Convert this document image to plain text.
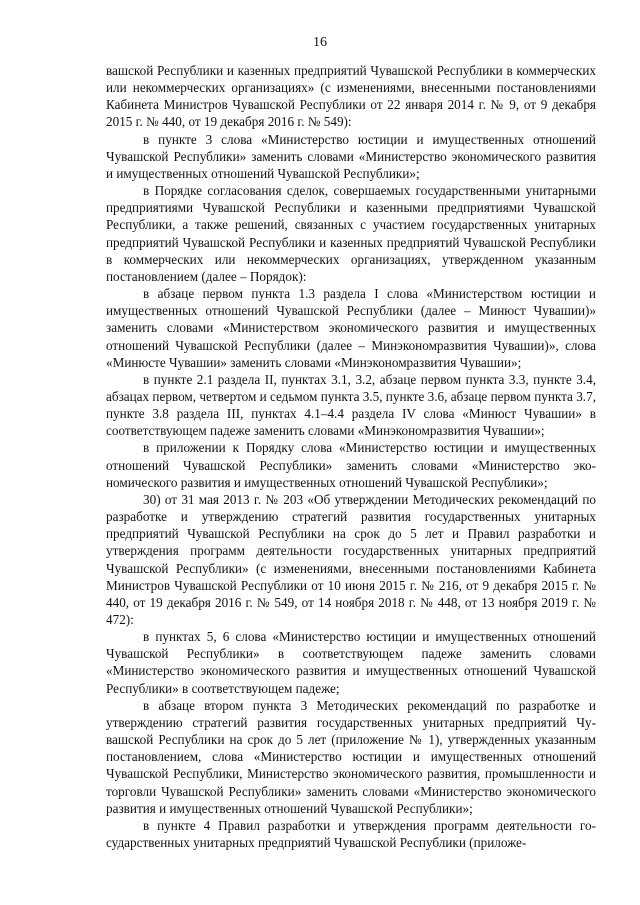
16

вашской Республики и казенных предприятий Чувашской Республики в коммерческих или некоммерческих организациях» (с изменениями, внесенными постановлениями Кабинета Министров Чувашской Республики от 22 января 2014 г. № 9, от 9 декабря 2015 г. № 440, от 19 декабря 2016 г. № 549):

в пункте 3 слова «Министерство юстиции и имущественных отношений Чувашской Республики» заменить словами «Министерство экономического развития и имущественных отношений Чувашской Республики»;

в Порядке согласования сделок, совершаемых государственными унитарными предприятиями Чувашской Республики и казенными предприятиями Чувашской Республики, а также решений, связанных с участием государственных унитарных предприятий Чувашской Республики и казенных предприятий Чувашской Республики в коммерческих или некоммерческих организациях, утвержденном указанным постановлением (далее – Порядок):

в абзаце первом пункта 1.3 раздела I слова «Министерством юстиции и имущественных отношений Чувашской Республики (далее – Минюст Чувашии)» заменить словами «Министерством экономического развития и имущественных отношений Чувашской Республики (далее – Минэкономразвития Чувашии)», слова «Минюсте Чувашии» заменить словами «Минэкономразвития Чувашии»;

в пункте 2.1 раздела II, пунктах 3.1, 3.2, абзаце первом пункта 3.3, пункте 3.4, абзацах первом, четвертом и седьмом пункта 3.5, пункте 3.6, абзаце первом пункта 3.7, пункте 3.8 раздела III, пунктах 4.1–4.4 раздела IV слова «Минюст Чувашии» в соответствующем падеже заменить словами «Минэкономразвития Чувашии»;

в приложении к Порядку слова «Министерство юстиции и имущественных отношений Чувашской Республики» заменить словами «Министерство экономического развития и имущественных отношений Чувашской Республики»;

30) от 31 мая 2013 г. № 203 «Об утверждении Методических рекомендаций по разработке и утверждению стратегий развития государственных унитарных предприятий Чувашской Республики на срок до 5 лет и Правил разработки и утверждения программ деятельности государственных унитарных предприятий Чувашской Республики» (с изменениями, внесенными постановлениями Кабинета Министров Чувашской Республики от 10 июня 2015 г. № 216, от 9 декабря 2015 г. № 440, от 19 декабря 2016 г. № 549, от 14 ноября 2018 г. № 448, от 13 ноября 2019 г. № 472):

в пунктах 5, 6 слова «Министерство юстиции и имущественных отношений Чувашской Республики» в соответствующем падеже заменить словами «Министерство экономического развития и имущественных отношений Чувашской Республики» в соответствующем падеже;

в абзаце втором пункта 3 Методических рекомендаций по разработке и утверждению стратегий развития государственных унитарных предприятий Чувашской Республики на срок до 5 лет (приложение № 1), утвержденных указанным постановлением, слова «Министерство юстиции и имущественных отношений Чувашской Республики, Министерство экономического развития, промышленности и торговли Чувашской Республики» заменить словами «Министерство экономического развития и имущественных отношений Чувашской Республики»;

в пункте 4 Правил разработки и утверждения программ деятельности государственных унитарных предприятий Чувашской Республики (приложе-
